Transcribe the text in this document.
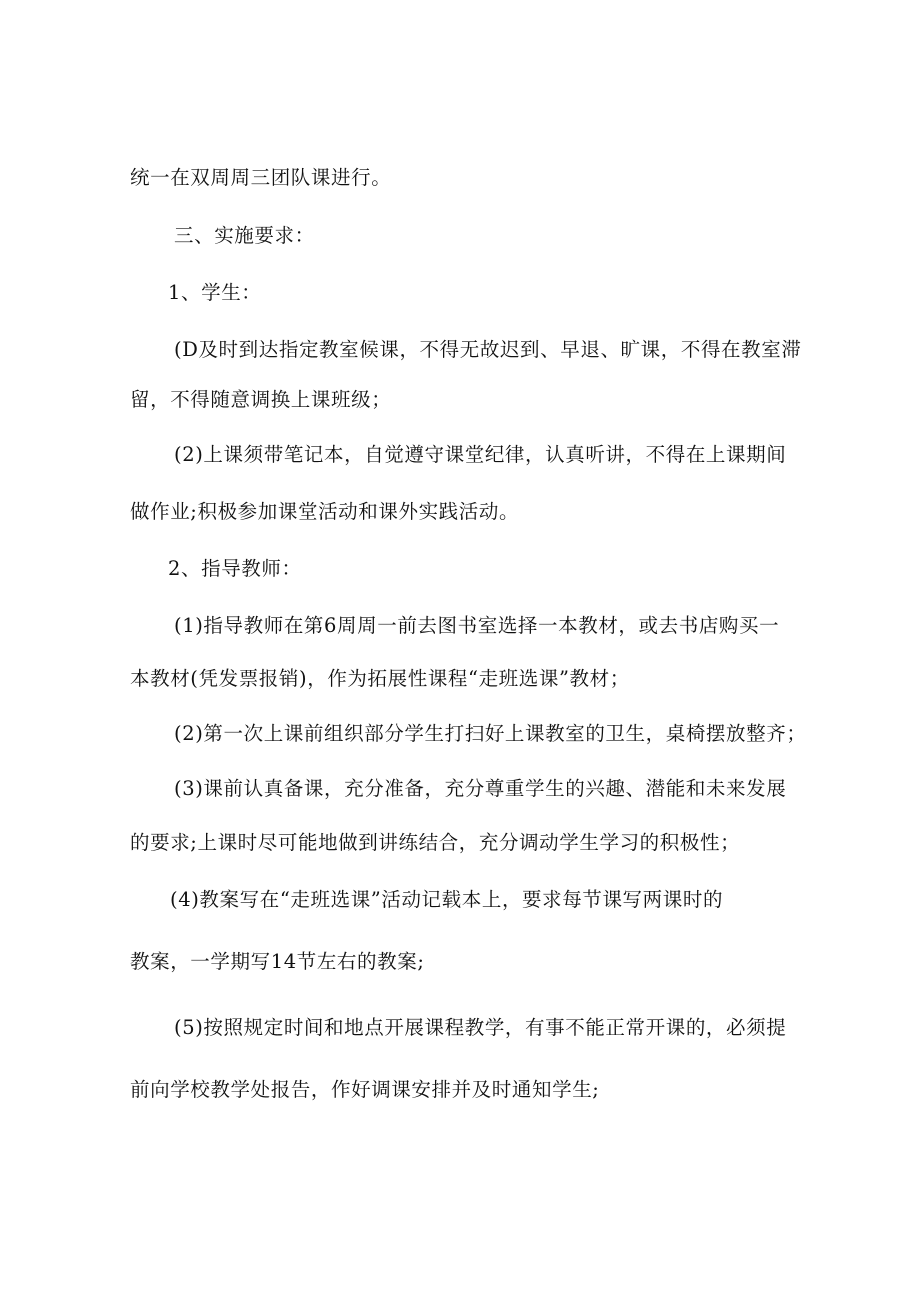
统一在双周周三团队课进行。
三、实施要求：
1、学生：
(D及时到达指定教室候课，不得无故迟到、早退、旷课，不得在教室滞
留，不得随意调换上课班级；
(2)上课须带笔记本，自觉遵守课堂纪律，认真听讲，不得在上课期间
做作业;积极参加课堂活动和课外实践活动。
2、指导教师：
(1)指导教师在第6周周一前去图书室选择一本教材，或去书店购买一
本教材(凭发票报销)，作为拓展性课程“走班选课”教材；
(2)第一次上课前组织部分学生打扫好上课教室的卫生，桌椅摆放整齐；
(3)课前认真备课，充分准备，充分尊重学生的兴趣、潜能和未来发展
的要求;上课时尽可能地做到讲练结合，充分调动学生学习的积极性；
(4)教案写在“走班选课”活动记载本上，要求每节课写两课时的
教案，一学期写14节左右的教案;
(5)按照规定时间和地点开展课程教学，有事不能正常开课的，必须提
前向学校教学处报告，作好调课安排并及时通知学生;
